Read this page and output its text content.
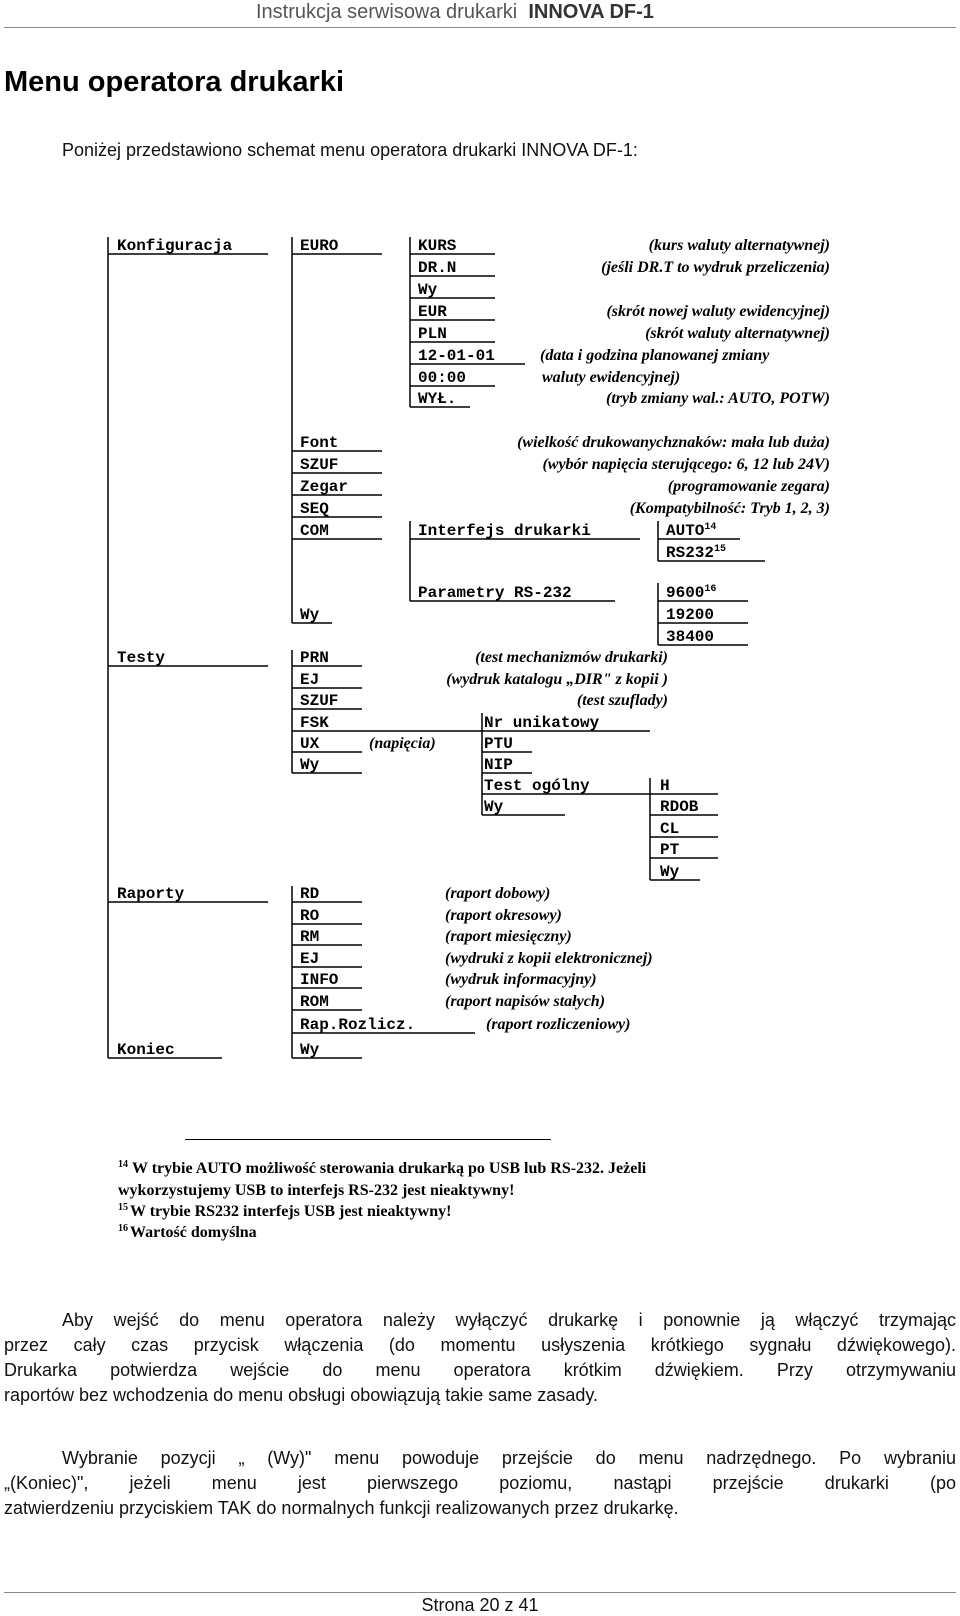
Instrukcja serwisowa drukarki INNOVA DF-1
Menu operatora drukarki
Poniżej przedstawiono schemat menu operatora drukarki INNOVA DF-1:
Konfiguracja
Testy
Raporty
Koniec
EURO
Font
SZUF
Zegar
SEQ
COM
Wy
KURS
DR.N
Wy
EUR
PLN
12-01-01
00:00
WYŁ.
(kurs waluty alternatywnej)
(jeśli DR.T to wydruk przeliczenia)
(skrót nowej waluty ewidencyjnej)
(skrót waluty alternatywnej)
(data i godzina planowanej zmiany
waluty ewidencyjnej)
(tryb zmiany wal.: AUTO, POTW)
(wielkość drukowanychznaków: mała lub duża)
(wybór napięcia sterującego: 6, 12 lub 24V)
(programowanie zegara)
(Kompatybilność: Tryb 1, 2, 3)
Interfejs drukarki
Parametry RS-232
AUTO$^{14}$
$RS232^{15}$
9600$^{16}$
19200
38400
PRN
EJ
SZUF
FSK
UX
Wy
(test mechanizmów drukarki)
(wydruk katalogu „DIR" z kopii )
(test szuflady)
(napięcia)
Nr unikatowy
PTU
NIP
Test ogólny
Wy
H
RDOB
CL
PT
Wy
RD
RO
RM
EJ
INFO
ROM
Rap.Rozlicz.
Wy
(raport dobowy)
(raport okresowy)
(raport miesięczny)
(wydruki z kopii elektronicznej)
(wydruk informacyjny)
(raport napisów stałych)
(raport rozliczeniowy)
$^{14}$ W trybie AUTO możliwość sterowania drukarką po USB lub RS-232. Jeżeli
wykorzystujemy USB to interfejs RS-232 jest nieaktywny!
$^{15}$ W trybie RS232 interfejs USB jest nieaktywny!
$^{16}$ Wartość domyślna
Aby wejść do menu operatora należy wyłączyć drukarkę i ponownie ją włączyć trzymając
przez cały czas przycisk włączenia (do momentu usłyszenia krótkiego sygnału dźwiękowego).
Drukarka potwierdza wejście do menu operatora krótkim dźwiękiem. Przy otrzymywaniu
raportów bez wchodzenia do menu obsługi obowiązują takie same zasady.
Wybranie pozycji „ (Wy)" menu powoduje przejście do menu nadrzędnego. Po wybraniu
„(Koniec)", jeżeli menu jest pierwszego poziomu, nastąpi przejście drukarki (po
zatwierdzeniu przyciskiem TAK do normalnych funkcji realizowanych przez drukarkę.
Strona 20 z 41
